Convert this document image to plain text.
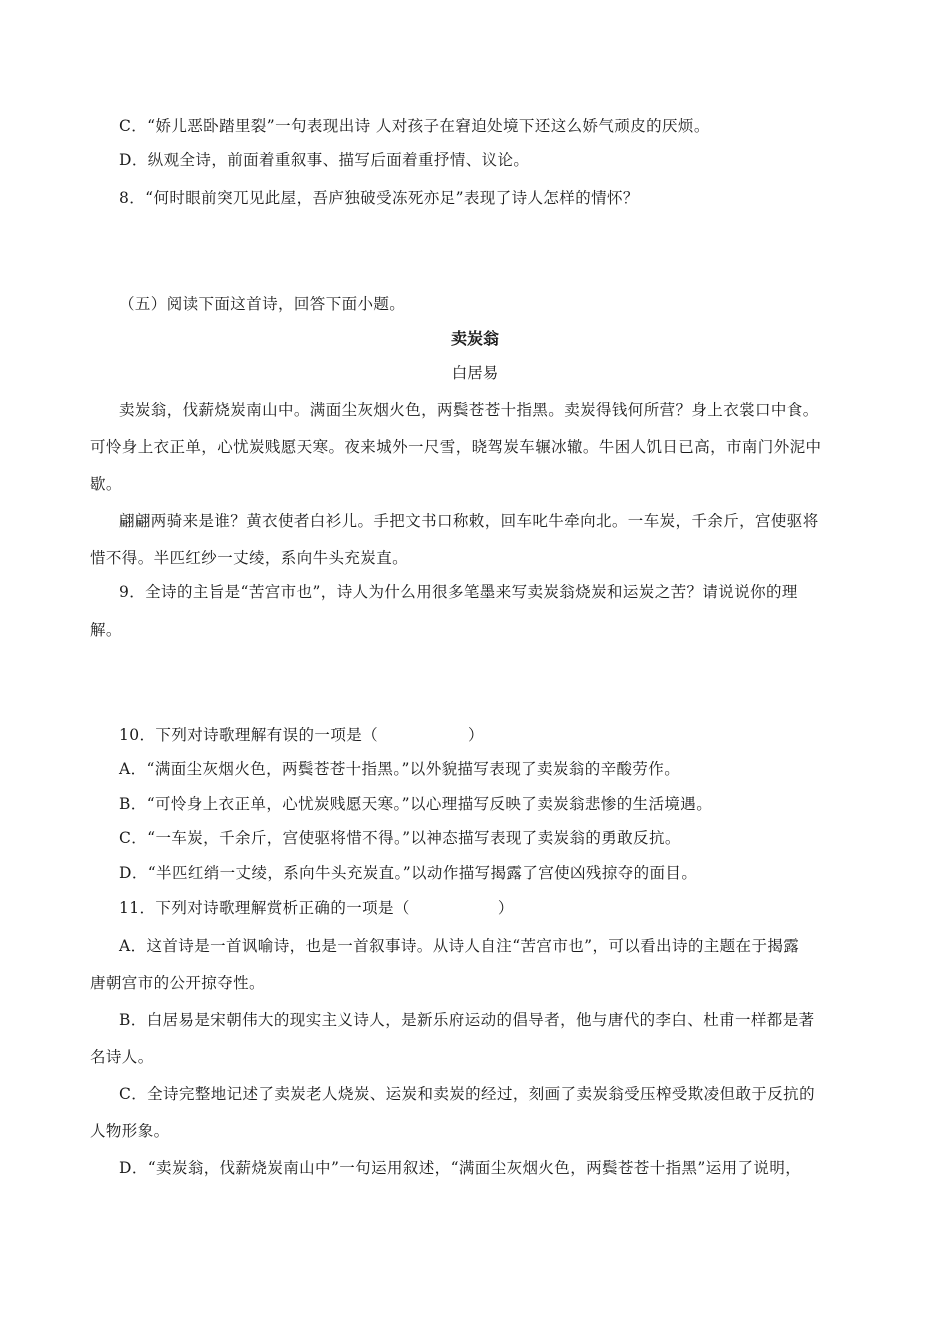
C．“娇儿恶卧踏里裂”一句表现出诗 人对孩子在窘迫处境下还这么娇气顽皮的厌烦。
D．纵观全诗，前面着重叙事、描写后面着重抒情、议论。
8．“何时眼前突兀见此屋，吾庐独破受冻死亦足”表现了诗人怎样的情怀？
（五）阅读下面这首诗，回答下面小题。
卖炭翁
白居易
卖炭翁，伐薪烧炭南山中。满面尘灰烟火色，两鬓苍苍十指黑。卖炭得钱何所营？身上衣裳口中食。
可怜身上衣正单，心忧炭贱愿天寒。夜来城外一尺雪，晓驾炭车辗冰辙。牛困人饥日已高，市南门外泥中
歇。
翩翩两骑来是谁？黄衣使者白衫儿。手把文书口称敕，回车叱牛牵向北。一车炭，千余斤，宫使驱将
惜不得。半匹红纱一丈绫，系向牛头充炭直。
9．全诗的主旨是“苦宫市也”，诗人为什么用很多笔墨来写卖炭翁烧炭和运炭之苦？请说说你的理
解。
10．下列对诗歌理解有误的一项是（	）
A．“满面尘灰烟火色，两鬓苍苍十指黑。”以外貌描写表现了卖炭翁的辛酸劳作。
B．“可怜身上衣正单，心忧炭贱愿天寒。”以心理描写反映了卖炭翁悲惨的生活境遇。
C．“一车炭，千余斤，宫使驱将惜不得。”以神态描写表现了卖炭翁的勇敢反抗。
D．“半匹红绡一丈绫，系向牛头充炭直。”以动作描写揭露了宫使凶残掠夺的面目。
11．下列对诗歌理解赏析正确的一项是（	）
A．这首诗是一首讽喻诗，也是一首叙事诗。从诗人自注“苦宫市也”，可以看出诗的主题在于揭露
唐朝宫市的公开掠夺性。
B．白居易是宋朝伟大的现实主义诗人，是新乐府运动的倡导者，他与唐代的李白、杜甫一样都是著
名诗人。
C．全诗完整地记述了卖炭老人烧炭、运炭和卖炭的经过，刻画了卖炭翁受压榨受欺凌但敢于反抗的
人物形象。
D．“卖炭翁，伐薪烧炭南山中”一句运用叙述，“满面尘灰烟火色，两鬓苍苍十指黑”运用了说明，
